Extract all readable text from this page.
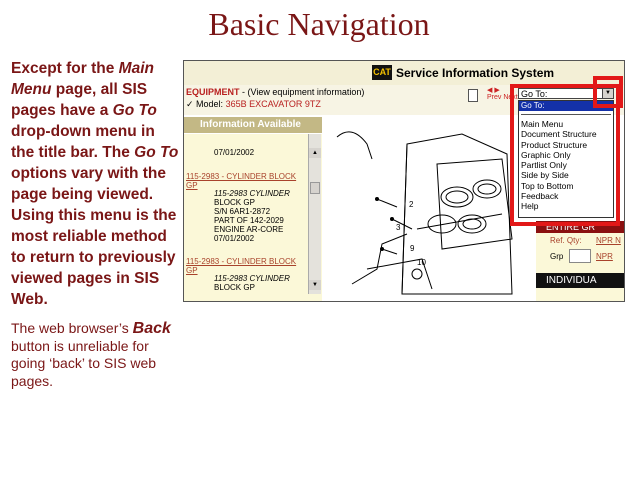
Basic Navigation
Except for the Main Menu page, all SIS pages have a Go To drop-down menu in the title bar. The Go To options vary with the page being viewed. Using this menu is the most reliable method to return to previously viewed pages in SIS Web.
The web browser’s Back button is unreliable for going ‘back’ to SIS web pages.
CAT Service Information System
EQUIPMENT - (View equipment information)
✓ Model: 365B EXCAVATOR 9TZ
◀ ▶
Prev Next Go To:	▼
Information Available
07/01/2002
115-2983 - CYLINDER BLOCK
GP
115-2983 CYLINDER
BLOCK GP
S/N 6AR1-2872
PART OF 142-2029
ENGINE AR-CORE
07/01/2002
115-2983 - CYLINDER BLOCK
GP
115-2983 CYLINDER
BLOCK GP
▲
▼
2
3
9
10
ENTIRE GR
Ref. Qty: NPR N
Grp	NPR
INDIVIDUA
Go To:
Main Menu
Document Structure
Product Structure
Graphic Only
Partlist Only
Side by Side
Top to Bottom
Feedback
Help
